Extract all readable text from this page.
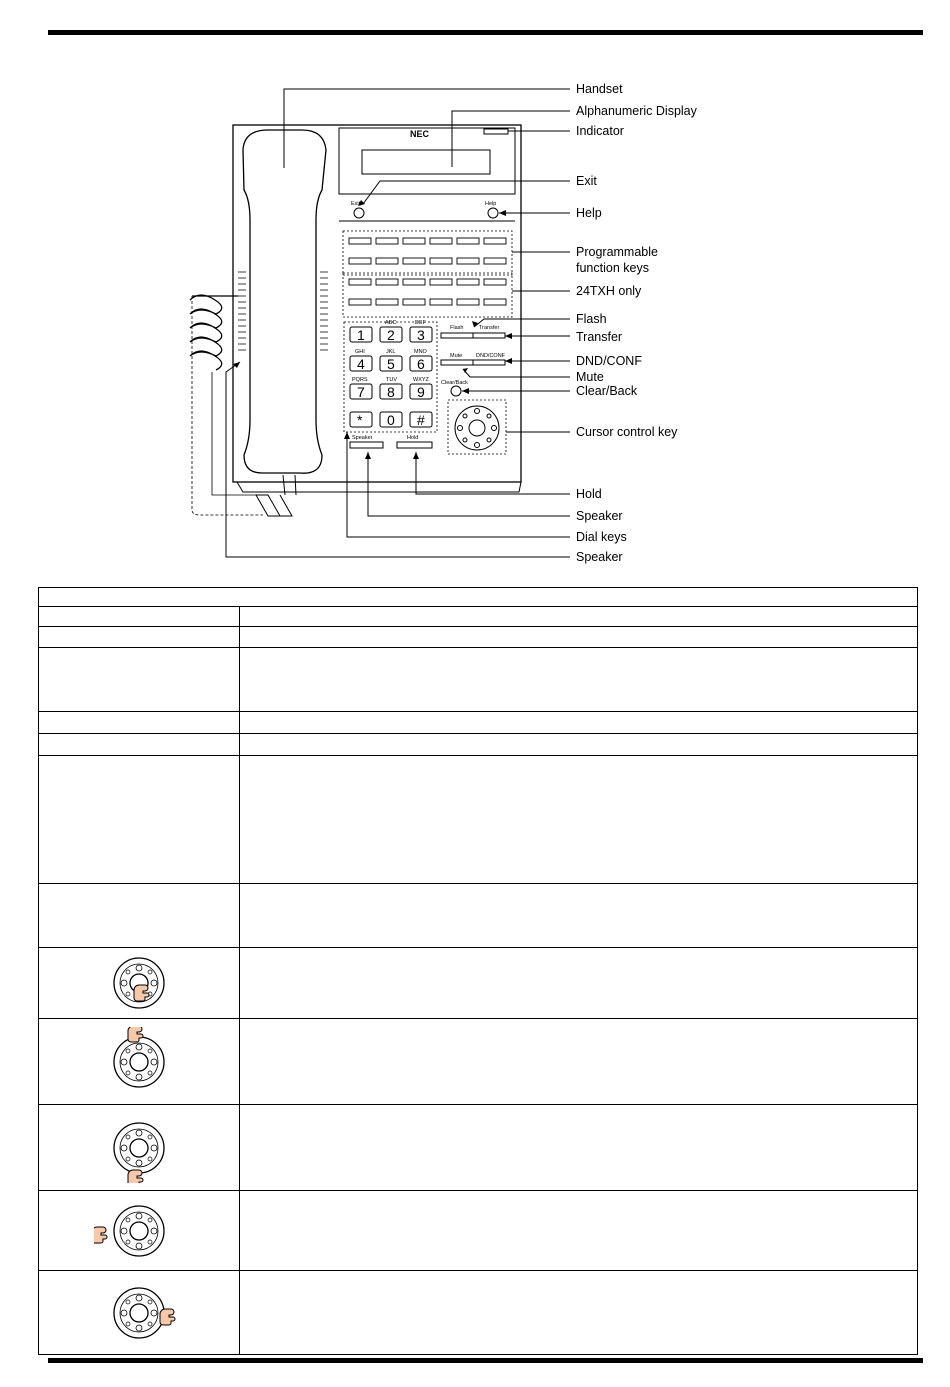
NEC
Exit	Help
Flash	Transfer
Mute	DND/CONF
Clear/Back
Speaker	Hold
ABC	DEF
GHI	JKL	MNO
PQRS	TUV	WXYZ
1 2 3
4 5 6
7 8 9
* 0 #
Handset
Alphanumeric Display
Indicator
Exit
Help
Programmable
function keys
24TXH only
Flash
Transfer
DND/CONF
Mute
Clear/Back
Cursor control key
Hold
Speaker
Dial keys
Speaker
